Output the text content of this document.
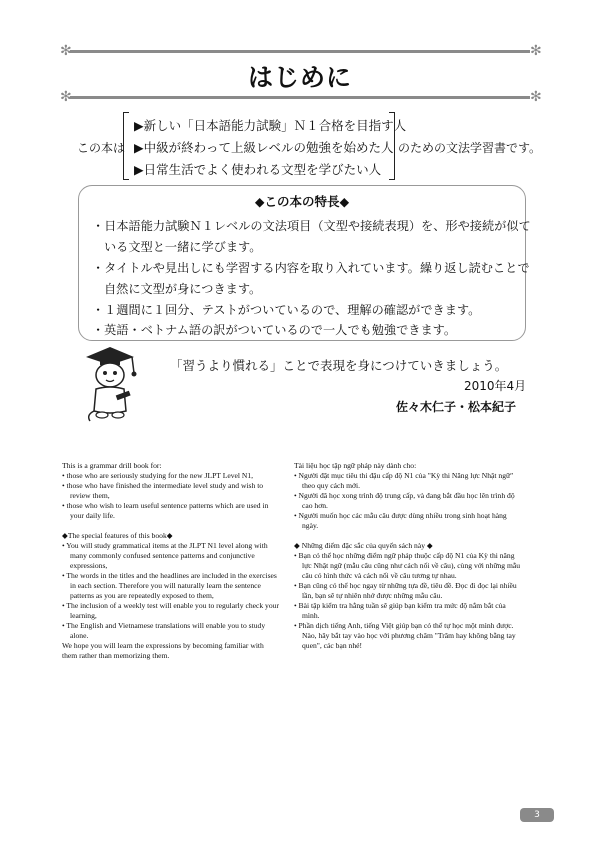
✻	✻
はじめに
✻	✻
この本は
▶新しい「日本語能力試験」Ｎ１合格を目指す人
▶中級が終わって上級レベルの勉強を始めた人
▶日常生活でよく使われる文型を学びたい人
のための文法学習書です。
◆この本の特長◆
・日本語能力試験Ｎ１レベルの文法項目（文型や接続表現）を、形や接続が似て
いる文型と一緒に学びます。
・タイトルや見出しにも学習する内容を取り入れています。繰り返し読むことで
自然に文型が身につきます。
・１週間に１回分、テストがついているので、理解の確認ができます。
・英語・ベトナム語の訳がついているので一人でも勉強できます。
「習うより慣れる」ことで表現を身につけていきましょう。
2010年4月
佐々木仁子・松本紀子

This is a grammar drill book for:

• those who are seriously studying for the new JLPT Level N1,
• those who have finished the intermediate level study and wish to review them,
• those who wish to learn useful sentence patterns which are used in your daily life.

◆The special features of this book◆

• You will study grammatical items at the JLPT N1 level along with many commonly confused sentence patterns and conjunctive expressions,
• The words in the titles and the headlines are included in the exercises in each section. Therefore you will naturally learn the sentence patterns as you are repeatedly exposed to them,
• The inclusion of a weekly test will enable you to regularly check your learning,
• The English and Vietnamese translations will enable you to study alone.

We hope you will learn the expressions by becoming familiar with them rather than memorizing them.

Tài liệu học tập ngữ pháp này dành cho:

• Người đặt mục tiêu thi đậu cấp độ N1 của "Kỳ thi Năng lực Nhật ngữ" theo quy cách mới.
• Người đã học xong trình độ trung cấp, và đang bắt đầu học lên trình độ cao hơn.
• Người muốn học các mẫu câu được dùng nhiều trong sinh hoạt hàng ngày.

◆ Những điểm đặc sắc của quyển sách này ◆

• Bạn có thể học những điểm ngữ pháp thuộc cấp độ N1 của Kỳ thi năng lực Nhật ngữ (mẫu câu cũng như cách nối về câu), cùng với những mẫu câu có hình thức và cách nối về câu tương tự nhau.
• Bạn cũng có thể học ngay từ những tựa đề, tiêu đề. Đọc đi đọc lại nhiều lần, bạn sẽ tự nhiên nhớ được những mẫu câu.
• Bài tập kiểm tra hằng tuần sẽ giúp bạn kiểm tra mức độ nắm bắt của mình.
• Phần dịch tiếng Anh, tiếng Việt giúp bạn có thể tự học một mình được.

Nào, hãy bắt tay vào học với phương châm "Trăm hay không bằng tay quen", các bạn nhé!

3
